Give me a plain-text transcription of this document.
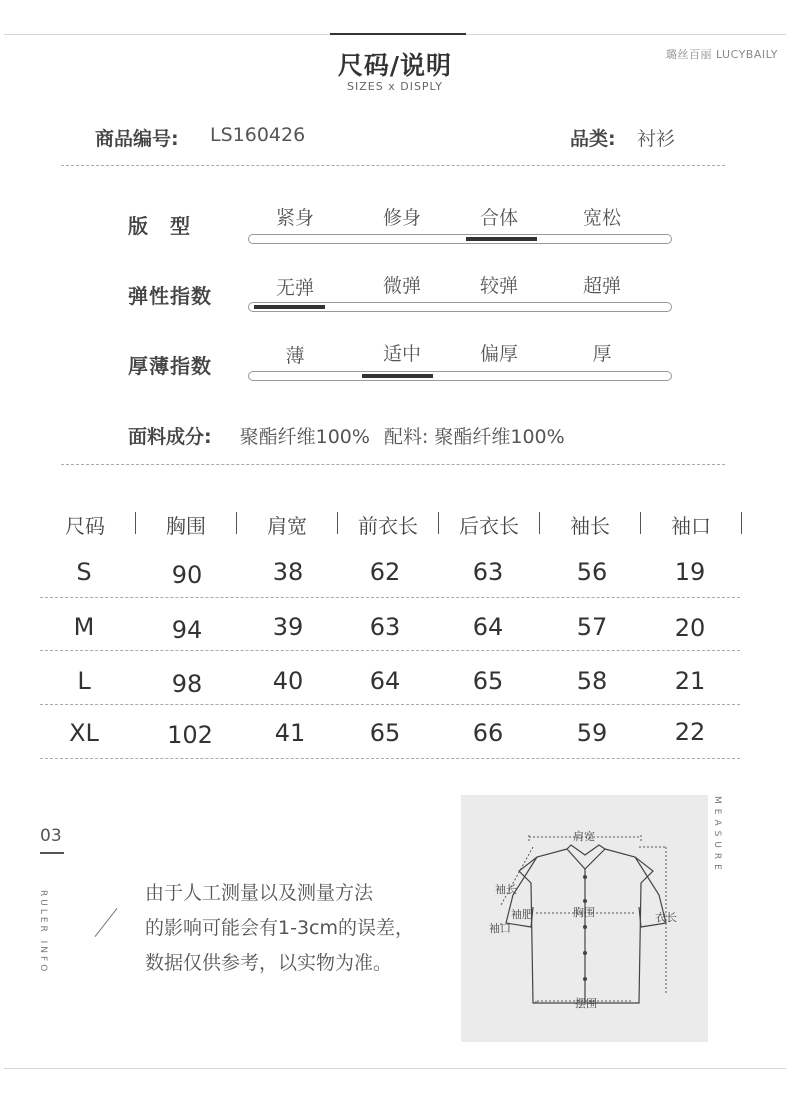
尺码/说明
SIZES x DISPLY
璐丝百丽 LUCYBAILY
商品编号: LS160426	品类: 衬衫
版　型	紧身	修身	合体	宽松
弹性指数	无弹	微弹	较弹	超弹
厚薄指数	薄	适中	偏厚	厚
面料成分: 聚酯纤维100% 配料: 聚酯纤维100%
尺码	胸围	肩宽	前衣长	后衣长	袖长	袖口
S	90	38	62	63	56	19
M	94	39	63	64	57	20
L	98	40	64	65	58	21
XL	102	41	65	66	59	22
03
RULER INFO	由于人工测量以及测量方法
的影响可能会有1-3cm的误差，
数据仅供参考，以实物为准。
肩宽
袖长
袖肥
袖口
胸围	衣长
摆围
MEASURE
